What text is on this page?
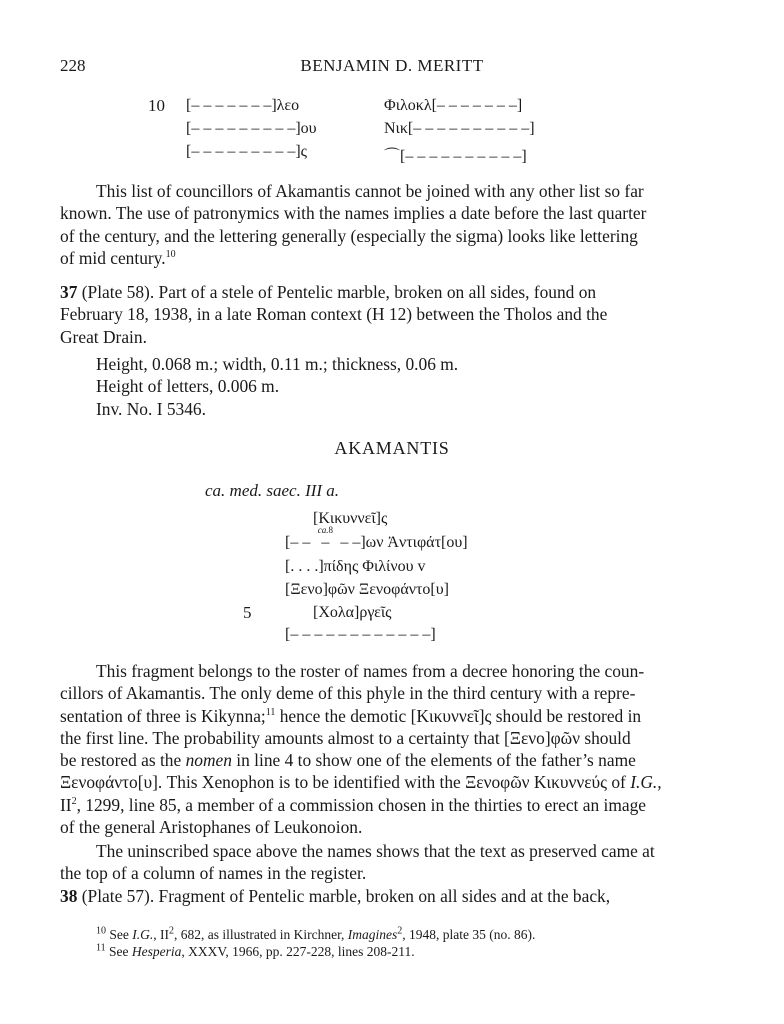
228	BENJAMIN D. MERITT
10 [– – – – – – –]λεο
[– – – – – – – – –]ου
[– – – – – – – – –]ς
Φιλοκλ[– – – – – – –]
Νικ[– – – – – – – – – –]
⌒[– – – – – – – – – –]
This list of councillors of Akamantis cannot be joined with any other list so far
known. The use of patronymics with the names implies a date before the last quarter
of the century, and the lettering generally (especially the sigma) looks like lettering
of mid century.$^{10}$
37 (Plate 58). Part of a stele of Pentelic marble, broken on all sides, found on
February 18, 1938, in a late Roman context (H 12) between the Tholos and the
Great Drain.
Height, 0.068 m.; width, 0.11 m.; thickness, 0.06 m.
Height of letters, 0.006 m.
Inv. No. I 5346.
AKAMANTIS
ca. med. saec. III a.
[Κικυννεῖ]ς
[– –
ca.8
– – –]ων Ἀντιφάτ[ου]
[. . . .]πίδης Φιλίνου v
[Ξενο]φῶν Ξενοφάντο[υ]
5	[Χολα]ργεῖς
[– – – – – – – – – – – –]
This fragment belongs to the roster of names from a decree honoring the coun-
cillors of Akamantis. The only deme of this phyle in the third century with a repre-
sentation of three is Kikynna;$^{11}$ hence the demotic [Κικυννεῖ]ς should be restored in
the first line. The probability amounts almost to a certainty that [Ξενο]φῶν should
be restored as the nomen in line 4 to show one of the elements of the father’s name
Ξενοφάντο[υ]. This Xenophon is to be identified with the Ξενοφῶν Κικυννεύς of I.G.,
$II^2$, 1299, line 85, a member of a commission chosen in the thirties to erect an image
of the general Aristophanes of Leukonoion.
The uninscribed space above the names shows that the text as preserved came at
the top of a column of names in the register.
38 (Plate 57). Fragment of Pentelic marble, broken on all sides and at the back,
$^{10}$ See I.G., $II^2$, 682, as illustrated in Kirchner, Imagines$^2$, 1948, plate 35 (no. 86).
$^{11}$ See Hesperia, XXXV, 1966, pp. 227-228, lines 208-211.
